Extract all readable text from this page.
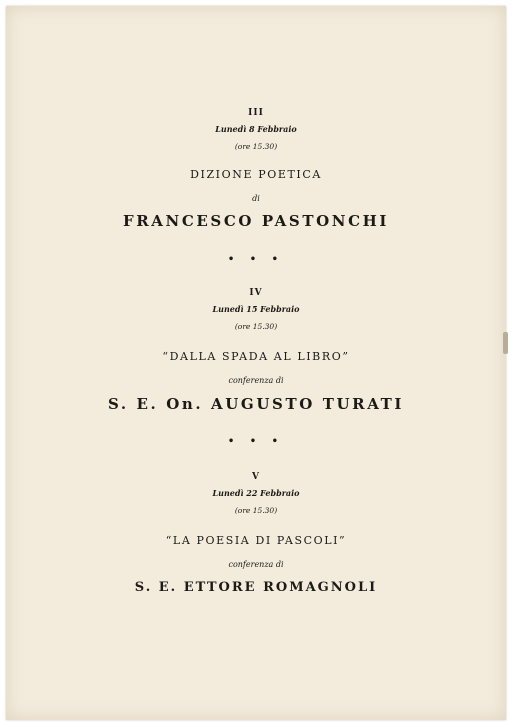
III
Lunedì 8 Febbraio
(ore 15.30)
DIZIONE POETICA
di
FRANCESCO PASTONCHI
• • •
IV
Lunedì 15 Febbraio
(ore 15.30)
“DALLA SPADA AL LIBRO”
conferenza di
S. E. On. AUGUSTO TURATI
• • •
V
Lunedì 22 Febbraio
(ore 15.30)
“LA POESIA DI PASCOLI”
conferenza di
S. E. ETTORE ROMAGNOLI
